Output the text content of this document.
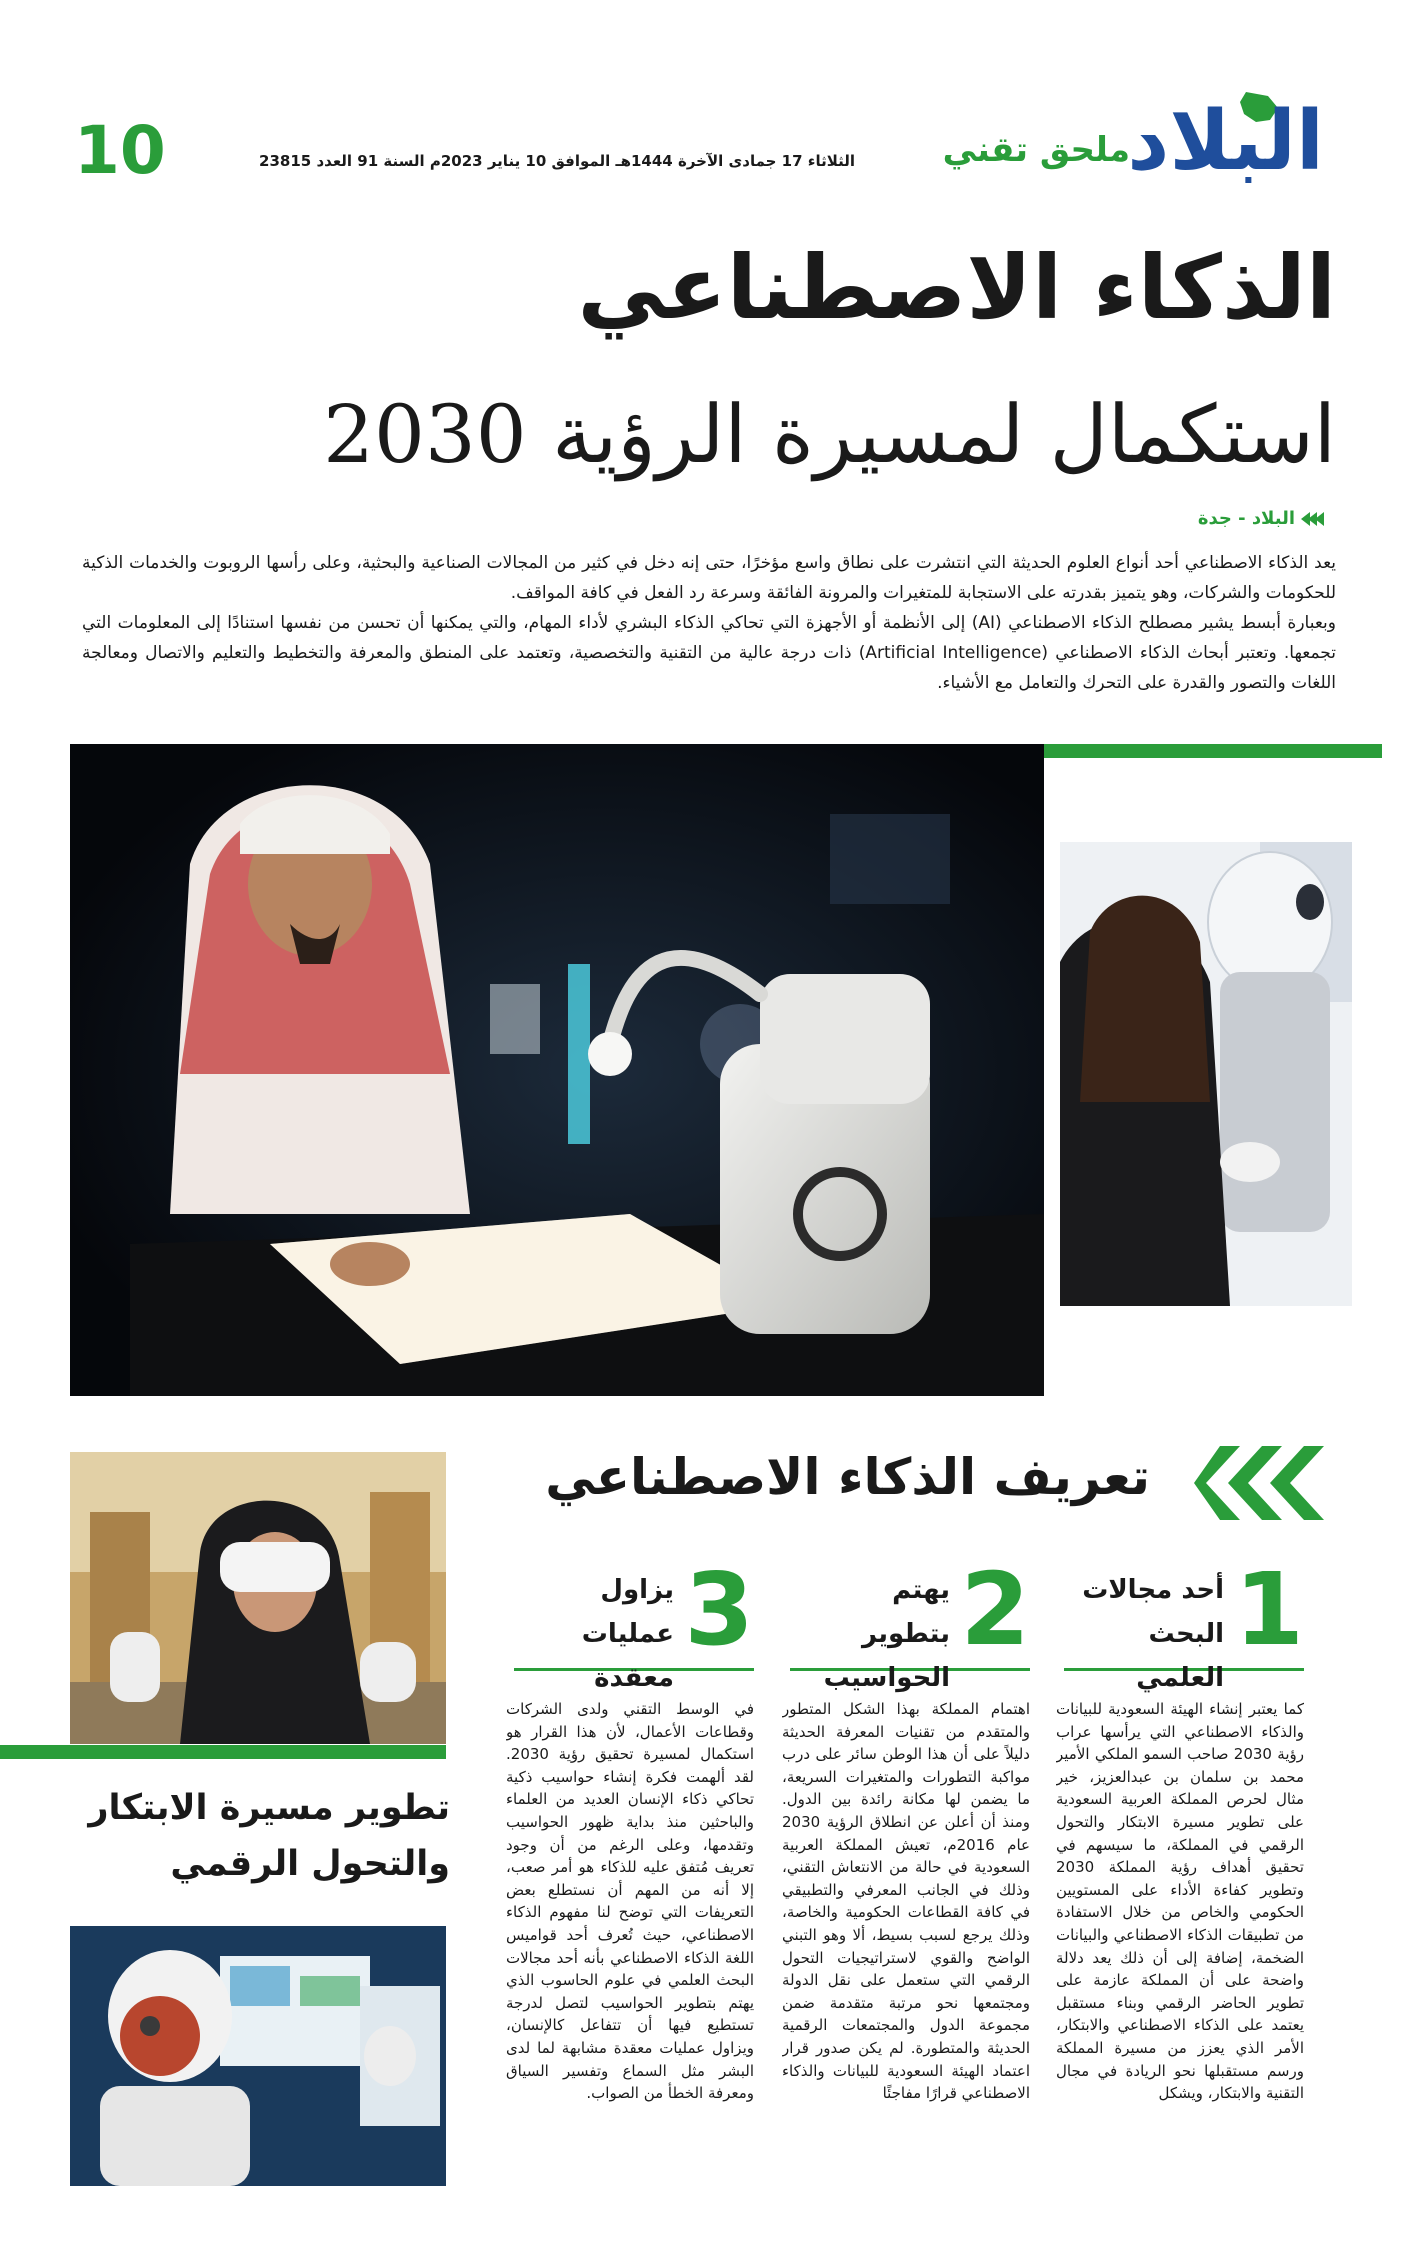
البلاد
ملحق تقني
الثلاثاء 17 جمادى الآخرة 1444هـ الموافق 10 يناير 2023م السنة 91 العدد 23815
10
الذكاء الاصطناعي
استكمال لمسيرة الرؤية 2030
البلاد - جدة

يعد الذكاء الاصطناعي أحد أنواع العلوم الحديثة التي انتشرت على نطاق واسع مؤخرًا، حتى إنه دخل في كثير من المجالات الصناعية والبحثية، وعلى رأسها الروبوت والخدمات الذكية للحكومات والشركات، وهو يتميز بقدرته على الاستجابة للمتغيرات والمرونة الفائقة وسرعة رد الفعل في كافة المواقف.

وبعبارة أبسط يشير مصطلح الذكاء الاصطناعي (AI) إلى الأنظمة أو الأجهزة التي تحاكي الذكاء البشري لأداء المهام، والتي يمكنها أن تحسن من نفسها استنادًا إلى المعلومات التي تجمعها. وتعتبر أبحاث الذكاء الاصطناعي (Artificial Intelligence) ذات درجة عالية من التقنية والتخصصية، وتعتمد على المنطق والمعرفة والتخطيط والتعليم والاتصال ومعالجة اللغات والتصور والقدرة على التحرك والتعامل مع الأشياء.

تعريف الذكاء الاصطناعي
1
أحد مجالات البحث العلمي
2
يهتم بتطوير الحواسيب
3
يزاول عمليات معقدة

كما يعتبر إنشاء الهيئة السعودية للبيانات والذكاء الاصطناعي التي يرأسها عراب رؤية 2030 صاحب السمو الملكي الأمير محمد بن سلمان بن عبدالعزيز، خير مثال لحرص المملكة العربية السعودية على تطوير مسيرة الابتكار والتحول الرقمي في المملكة، ما سيسهم في تحقيق أهداف رؤية المملكة 2030 وتطوير كفاءة الأداء على المستويين الحكومي والخاص من خلال الاستفادة من تطبيقات الذكاء الاصطناعي والبيانات الضخمة، إضافة إلى أن ذلك يعد دلالة واضحة على أن المملكة عازمة على تطوير الحاضر الرقمي وبناء مستقبل يعتمد على الذكاء الاصطناعي والابتكار، الأمر الذي يعزز من مسيرة المملكة ورسم مستقبلها نحو الريادة في مجال التقنية والابتكار، ويشكل

اهتمام المملكة بهذا الشكل المتطور والمتقدم من تقنيات المعرفة الحديثة دليلاً على أن هذا الوطن سائر على درب مواكبة التطورات والمتغيرات السريعة، ما يضمن لها مكانة رائدة بين الدول. ومنذ أن أعلن عن انطلاق الرؤية 2030 عام 2016م، تعيش المملكة العربية السعودية في حالة من الانتعاش التقني، وذلك في الجانب المعرفي والتطبيقي في كافة القطاعات الحكومية والخاصة، وذلك يرجع لسبب بسيط، ألا وهو التبني الواضح والقوي لاستراتيجيات التحول الرقمي التي ستعمل على نقل الدولة ومجتمعها نحو مرتبة متقدمة ضمن مجموعة الدول والمجتمعات الرقمية الحديثة والمتطورة. لم يكن صدور قرار اعتماد الهيئة السعودية للبيانات والذكاء الاصطناعي قرارًا مفاجئًا

في الوسط التقني ولدى الشركات وقطاعات الأعمال، لأن هذا القرار هو استكمال لمسيرة تحقيق رؤية 2030. لقد ألهمت فكرة إنشاء حواسيب ذكية تحاكي ذكاء الإنسان العديد من العلماء والباحثين منذ بداية ظهور الحواسيب وتقدمها، وعلى الرغم من أن وجود تعريف مُتفق عليه للذكاء هو أمر صعب، إلا أنه من المهم أن نستطلع بعض التعريفات التي توضح لنا مفهوم الذكاء الاصطناعي، حيث تُعرف أحد قواميس اللغة الذكاء الاصطناعي بأنه أحد مجالات البحث العلمي في علوم الحاسوب الذي يهتم بتطوير الحواسيب لتصل لدرجة تستطيع فيها أن تتفاعل كالإنسان، ويزاول عمليات معقدة مشابهة لما لدى البشر مثل السماع وتفسير السياق ومعرفة الخطأ من الصواب.

تطوير مسيرة الابتكار والتحول الرقمي
